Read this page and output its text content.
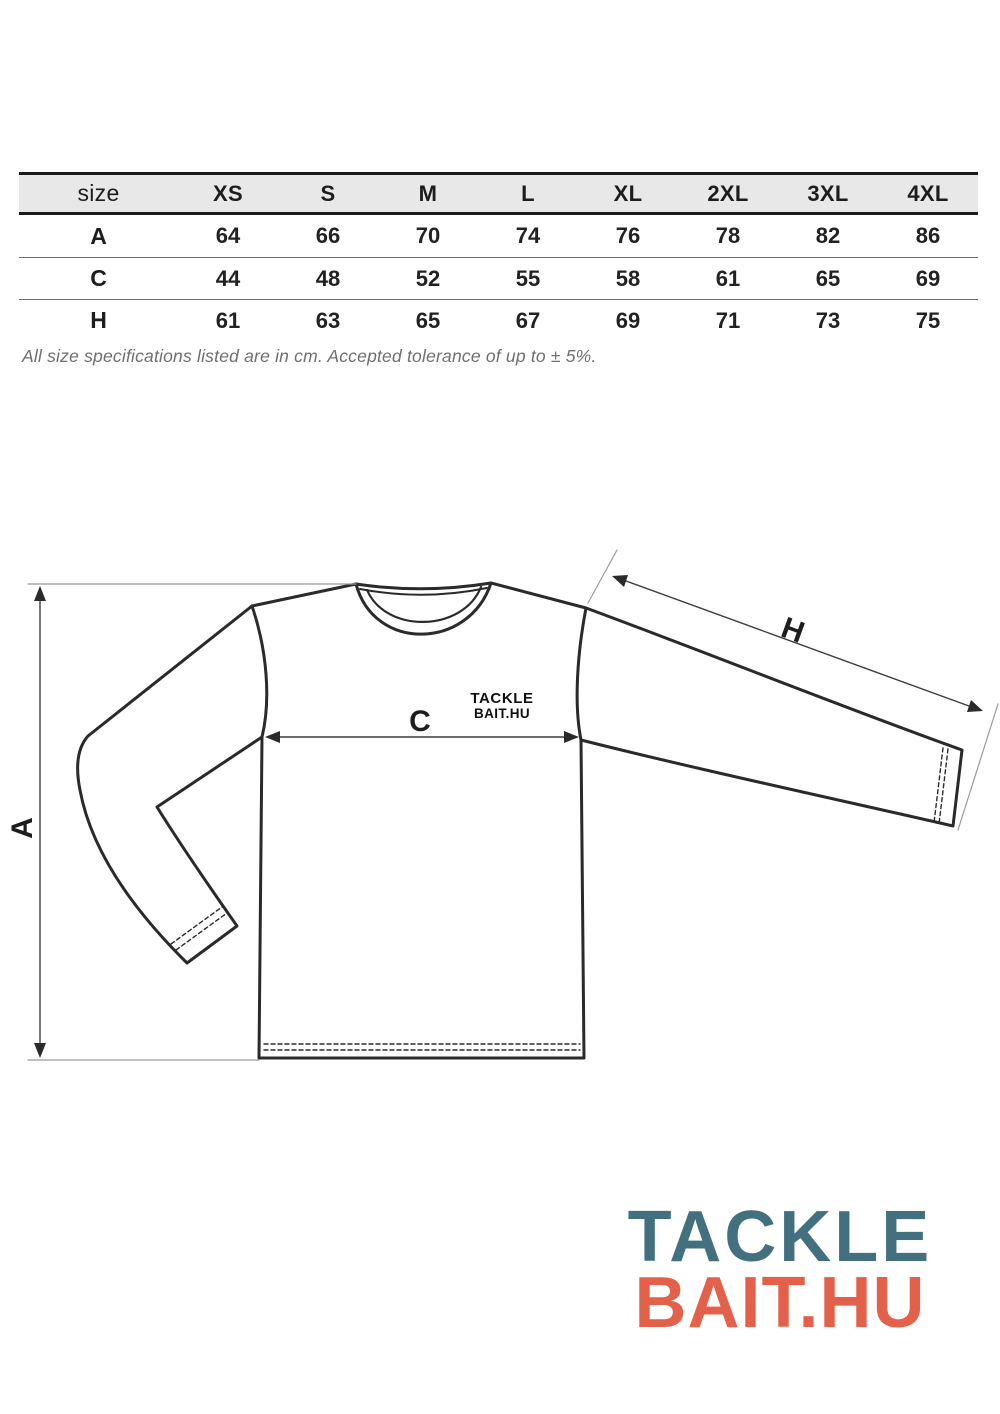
size	XS	S	M	L	XL	2XL	3XL	4XL
A	64	66	70	74	76	78	82	86
C	44	48	52	55	58	61	65	69
H	61	63	65	67	69	71	73	75
All size specifications listed are in cm. Accepted tolerance of up to ± 5%.
A
C
H
TACKLE
BAIT.HU
TACKLE
BAIT.HU
